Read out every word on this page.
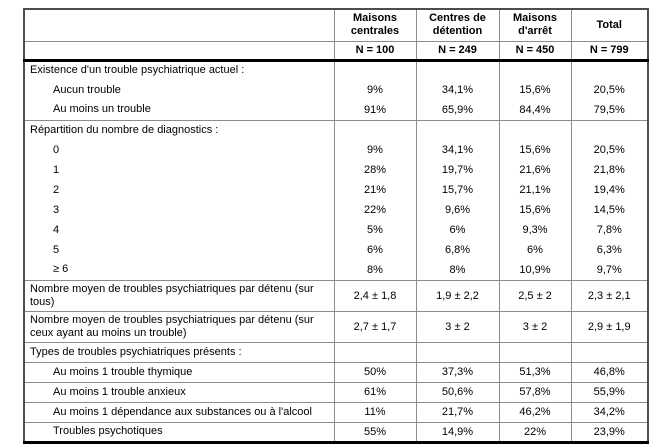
	Maisons centrales	Centres de détention	Maisons d'arrêt	Total
	N = 100	N = 249	N = 450	N = 799
Existence d'un trouble psychiatrique actuel :				
Aucun trouble	9%	34,1%	15,6%	20,5%
Au moins un trouble	91%	65,9%	84,4%	79,5%
Répartition du nombre de diagnostics :				
0	9%	34,1%	15,6%	20,5%
1	28%	19,7%	21,6%	21,8%
2	21%	15,7%	21,1%	19,4%
3	22%	9,6%	15,6%	14,5%
4	5%	6%	9,3%	7,8%
5	6%	6,8%	6%	6,3%
≥ 6	8%	8%	10,9%	9,7%
Nombre moyen de troubles psychiatriques par détenu (sur tous)	2,4 ± 1,8	1,9 ± 2,2	2,5 ± 2	2,3 ± 2,1
Nombre moyen de troubles psychiatriques par détenu (sur ceux ayant au moins un trouble)	2,7 ± 1,7	3 ± 2	3 ± 2	2,9 ± 1,9
Types de troubles psychiatriques présents :				
Au moins 1 trouble thymique	50%	37,3%	51,3%	46,8%
Au moins 1 trouble anxieux	61%	50,6%	57,8%	55,9%
Au moins 1 dépendance aux substances ou à l'alcool	11%	21,7%	46,2%	34,2%
Troubles psychotiques	55%	14,9%	22%	23,9%
